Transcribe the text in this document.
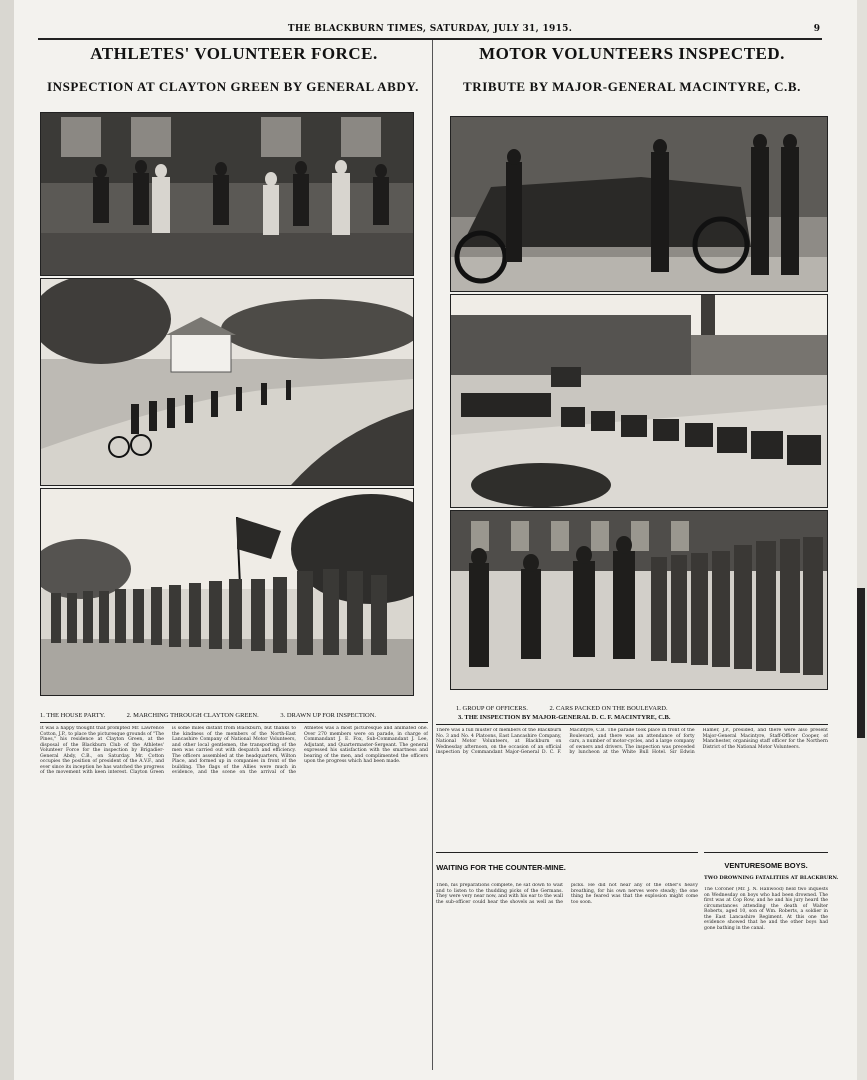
THE BLACKBURN TIMES, SATURDAY, JULY 31, 1915.	9
ATHLETES' VOLUNTEER FORCE.
INSPECTION AT CLAYTON GREEN BY GENERAL ABDY.
1. THE HOUSE PARTY.	2. MARCHING THROUGH CLAYTON GREEN.	3. DRAWN UP FOR INSPECTION.
It was a happy thought that prompted Mr. Lawrence Cotton, J.P., to place the picturesque grounds of "The Pines," his residence at Clayton Green, at the disposal of the Blackburn Club of the Athletes' Volunteer Force for the inspection by Brigadier-General Abdy, C.B., on Saturday. Mr. Cotton occupies the position of president of the A.V.F., and ever since its inception he has watched the progress of the movement with keen interest. Clayton Green is some miles distant from Blackburn, but thanks to the kindness of the members of the North-East Lancashire Company of National Motor Volunteers, and other local gentlemen, the transporting of the men was carried out with despatch and efficiency. The officers assembled at the headquarters, Wilton Place, and formed up in companies in front of the building. The flags of the Allies were much in evidence, and the scene on the arrival of the Athletes was a most picturesque and animated one. Over 270 members were on parade, in charge of Commandant J. E. Fox, Sub-Commandant J. Lee, Adjutant, and Quartermaster-Sergeant. The general expressed his satisfaction with the smartness and bearing of the men, and complimented the officers upon the progress which had been made.
MOTOR VOLUNTEERS INSPECTED.
TRIBUTE BY MAJOR-GENERAL MACINTYRE, C.B.
1. GROUP OF OFFICERS.	2. CARS PACKED ON THE BOULEVARD.
3. THE INSPECTION BY MAJOR-GENERAL D. C. F. MACINTYRE, C.B.
There was a full muster of members of the Blackburn No. 3 and No. 4 Platoons, East Lancashire Company, National Motor Volunteers, at Blackburn on Wednesday afternoon, on the occasion of an official inspection by Commandant Major-General D. C. F. Macintyre, C.B. The parade took place in front of the Boulevard, and there was an attendance of forty cars, a number of motor-cycles, and a large company of owners and drivers. The inspection was preceded by luncheon at the White Bull Hotel. Sir Edwin Hamer, J.P., presided, and there were also present Major-General Macintyre, Staff-Officer Cooper, of Manchester, organising staff officer for the Northern District of the National Motor Volunteers.
WAITING FOR THE COUNTER-MINE.
Then, his preparations complete, he sat down to wait and to listen to the thudding picks of the Germans. They were very near now, and with his ear to the wall the sub-officer could hear the shovels as well as the picks. He did not hear any of the other's heavy breathing, for his own nerves were steady; the one thing he feared was that the explosion might come too soon.
VENTURESOME BOYS.
TWO DROWNING FATALITIES AT BLACKBURN.
The Coroner (Mr. J. N. Hanwood) held two inquests on Wednesday on boys who had been drowned. The first was at Cop Row, and he and his jury heard the circumstances attending the death of Walter Roberts, aged 10, son of Wm. Roberts, a soldier in the East Lancashire Regiment. At this one the evidence showed that he and the other boys had gone bathing in the canal.
